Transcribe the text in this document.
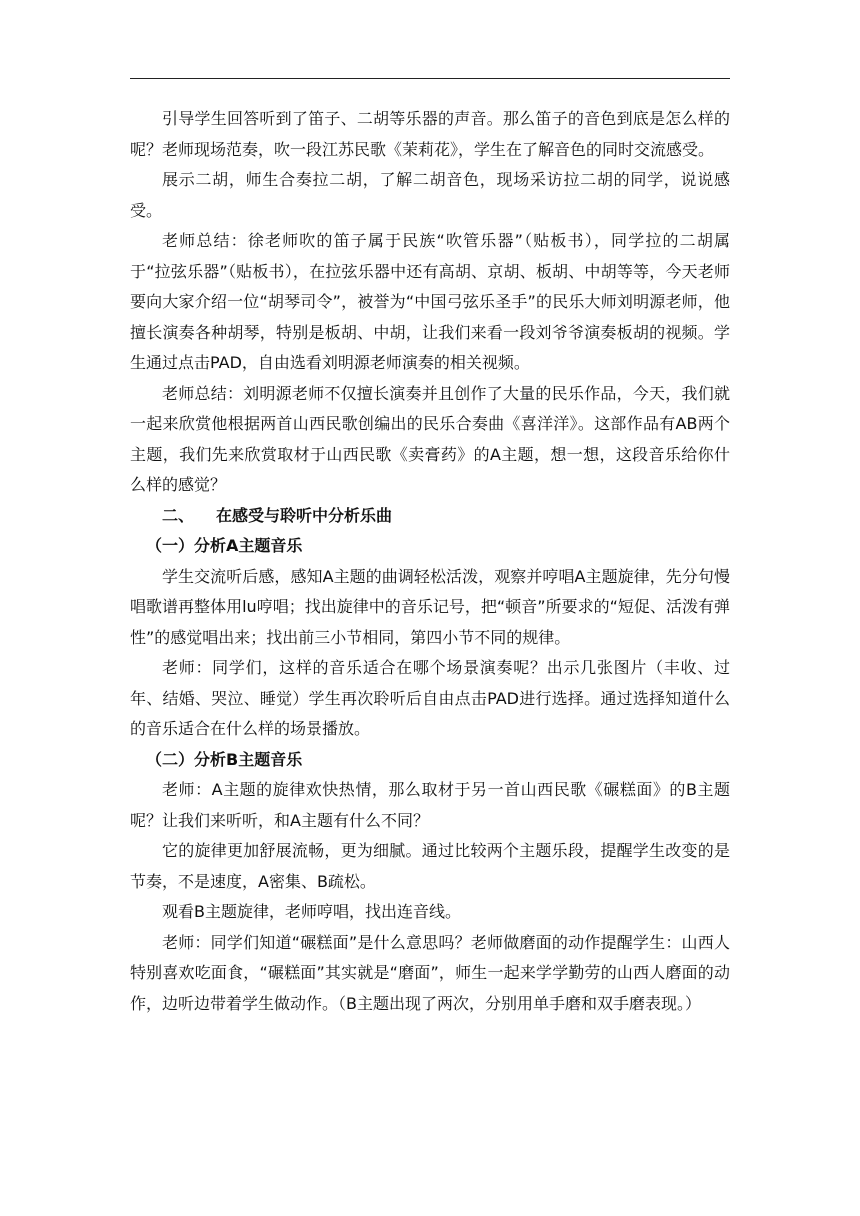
引导学生回答听到了笛子、二胡等乐器的声音。那么笛子的音色到底是怎么样的呢？老师现场范奏，吹一段江苏民歌《茉莉花》，学生在了解音色的同时交流感受。

展示二胡，师生合奏拉二胡，了解二胡音色，现场采访拉二胡的同学，说说感受。

老师总结：徐老师吹的笛子属于民族“吹管乐器”（贴板书），同学拉的二胡属于“拉弦乐器”（贴板书），在拉弦乐器中还有高胡、京胡、板胡、中胡等等，今天老师要向大家介绍一位“胡琴司令”，被誉为“中国弓弦乐圣手”的民乐大师刘明源老师，他擅长演奏各种胡琴，特别是板胡、中胡，让我们来看一段刘爷爷演奏板胡的视频。学生通过点击PAD，自由选看刘明源老师演奏的相关视频。

老师总结：刘明源老师不仅擅长演奏并且创作了大量的民乐作品，今天，我们就一起来欣赏他根据两首山西民歌创编出的民乐合奏曲《喜洋洋》。这部作品有AB两个主题，我们先来欣赏取材于山西民歌《卖膏药》的A主题，想一想，这段音乐给你什么样的感觉？

二、 在感受与聆听中分析乐曲

（一）分析A主题音乐

学生交流听后感，感知A主题的曲调轻松活泼，观察并哼唱A主题旋律，先分句慢唱歌谱再整体用lu哼唱；找出旋律中的音乐记号，把“顿音”所要求的“短促、活泼有弹性”的感觉唱出来；找出前三小节相同，第四小节不同的规律。

老师：同学们，这样的音乐适合在哪个场景演奏呢？出示几张图片（丰收、过年、结婚、哭泣、睡觉）学生再次聆听后自由点击PAD进行选择。通过选择知道什么的音乐适合在什么样的场景播放。

（二）分析B主题音乐

老师：A主题的旋律欢快热情，那么取材于另一首山西民歌《碾糕面》的B主题呢？让我们来听听，和A主题有什么不同？

它的旋律更加舒展流畅，更为细腻。通过比较两个主题乐段，提醒学生改变的是节奏，不是速度，A密集、B疏松。

观看B主题旋律，老师哼唱，找出连音线。

老师：同学们知道“碾糕面”是什么意思吗？老师做磨面的动作提醒学生：山西人特别喜欢吃面食，“碾糕面”其实就是“磨面”，师生一起来学学勤劳的山西人磨面的动作，边听边带着学生做动作。（B主题出现了两次，分别用单手磨和双手磨表现。）
